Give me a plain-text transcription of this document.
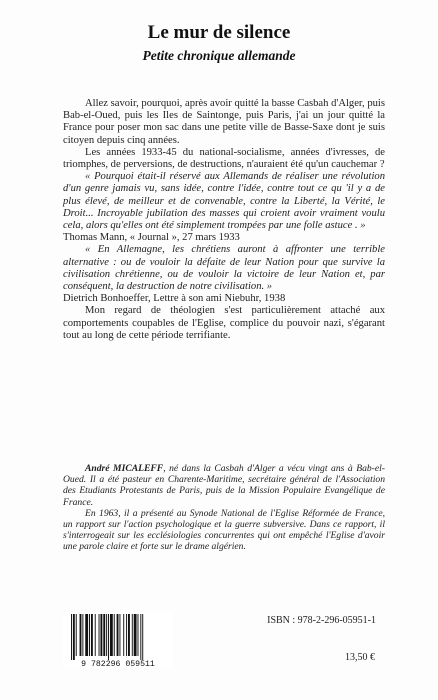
Le mur de silence
Petite chronique allemande

Allez savoir, pourquoi, après avoir quitté la basse Casbah d'Alger, puis Bab-el-Oued, puis les Iles de Saintonge, puis Paris, j'ai un jour quitté la France pour poser mon sac dans une petite ville de Basse-Saxe dont je suis citoyen depuis cinq années.

Les années 1933-45 du national-socialisme, années d'ivresses, de triomphes, de perversions, de destructions, n'auraient été qu'un cauchemar ?

« Pourquoi était-il réservé aux Allemands de réaliser une révolution d'un genre jamais vu, sans idée, contre l'idée, contre tout ce qu 'il y a de plus élevé, de meilleur et de convenable, contre la Liberté, la Vérité, le Droit... Incroyable jubilation des masses qui croient avoir vraiment voulu cela, alors qu'elles ont été simplement trompées par une folle astuce . »

Thomas Mann, « Journal », 27 mars 1933

« En Allemagne, les chrétiens auront à affronter une terrible alternative : ou de vouloir la défaite de leur Nation pour que survive la civilisation chrétienne, ou de vouloir la victoire de leur Nation et, par conséquent, la destruction de notre civilisation. »

Dietrich Bonhoeffer, Lettre à son ami Niebuhr, 1938

Mon regard de théologien s'est particulièrement attaché aux comportements coupables de l'Eglise, complice du pouvoir nazi, s'égarant tout au long de cette période terrifiante.

André MICALEFF, né dans la Casbah d'Alger a vécu vingt ans à Bab-el-Oued. Il a été pasteur en Charente-Maritime, secrétaire général de l'Association des Etudiants Protestants de Paris, puis de la Mission Populaire Evangélique de France.

En 1963, il a présenté au Synode National de l'Eglise Réformée de France, un rapport sur l'action psychologique et la guerre subversive. Dans ce rapport, il s'interrogeait sur les ecclésiologies concurrentes qui ont empêché l'Eglise d'avoir une parole claire et forte sur le drame algérien.

9 782296 059511
ISBN : 978-2-296-05951-1
13,50 €
